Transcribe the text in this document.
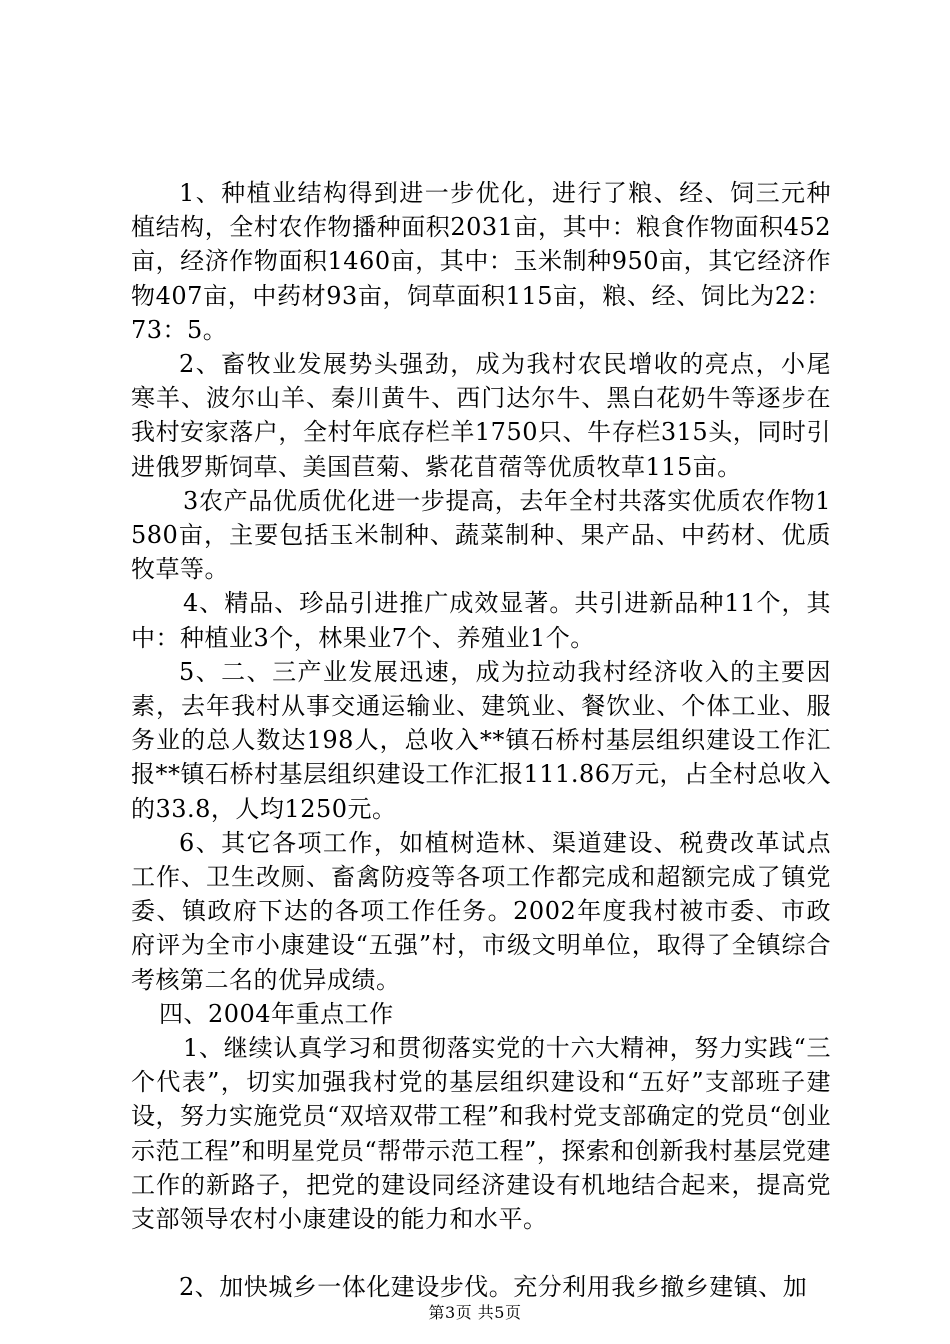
1、种植业结构得到进一步优化，进行了粮、经、饲三元种植结构，全村农作物播种面积2031亩，其中：粮食作物面积452亩，经济作物面积1460亩，其中：玉米制种950亩，其它经济作物407亩，中药材93亩，饲草面积115亩，粮、经、饲比为22：73：5。

2、畜牧业发展势头强劲，成为我村农民增收的亮点，小尾寒羊、波尔山羊、秦川黄牛、西门达尔牛、黑白花奶牛等逐步在我村安家落户，全村年底存栏羊1750只、牛存栏315头，同时引进俄罗斯饲草、美国苣菊、紫花苜蓿等优质牧草115亩。

3农产品优质优化进一步提高，去年全村共落实优质农作物1580亩，主要包括玉米制种、蔬菜制种、果产品、中药材、优质牧草等。

4、精品、珍品引进推广成效显著。共引进新品种11个，其中：种植业3个，林果业7个、养殖业1个。

5、二、三产业发展迅速，成为拉动我村经济收入的主要因素，去年我村从事交通运输业、建筑业、餐饮业、个体工业、服务业的总人数达198人，总收入**镇石桥村基层组织建设工作汇报**镇石桥村基层组织建设工作汇报111.86万元，占全村总收入的33.8，人均1250元。

6、其它各项工作，如植树造林、渠道建设、税费改革试点工作、卫生改厕、畜禽防疫等各项工作都完成和超额完成了镇党委、镇政府下达的各项工作任务。2002年度我村被市委、市政府评为全市小康建设“五强”村，市级文明单位，取得了全镇综合考核第二名的优异成绩。

四、2004年重点工作

1、继续认真学习和贯彻落实党的十六大精神，努力实践“三个代表”，切实加强我村党的基层组织建设和“五好”支部班子建设，努力实施党员“双培双带工程”和我村党支部确定的党员“创业示范工程”和明星党员“帮带示范工程”，探索和创新我村基层党建工作的新路子，把党的建设同经济建设有机地结合起来，提高党支部领导农村小康建设的能力和水平。

2、加快城乡一体化建设步伐。充分利用我乡撤乡建镇、加

第3页 共5页
